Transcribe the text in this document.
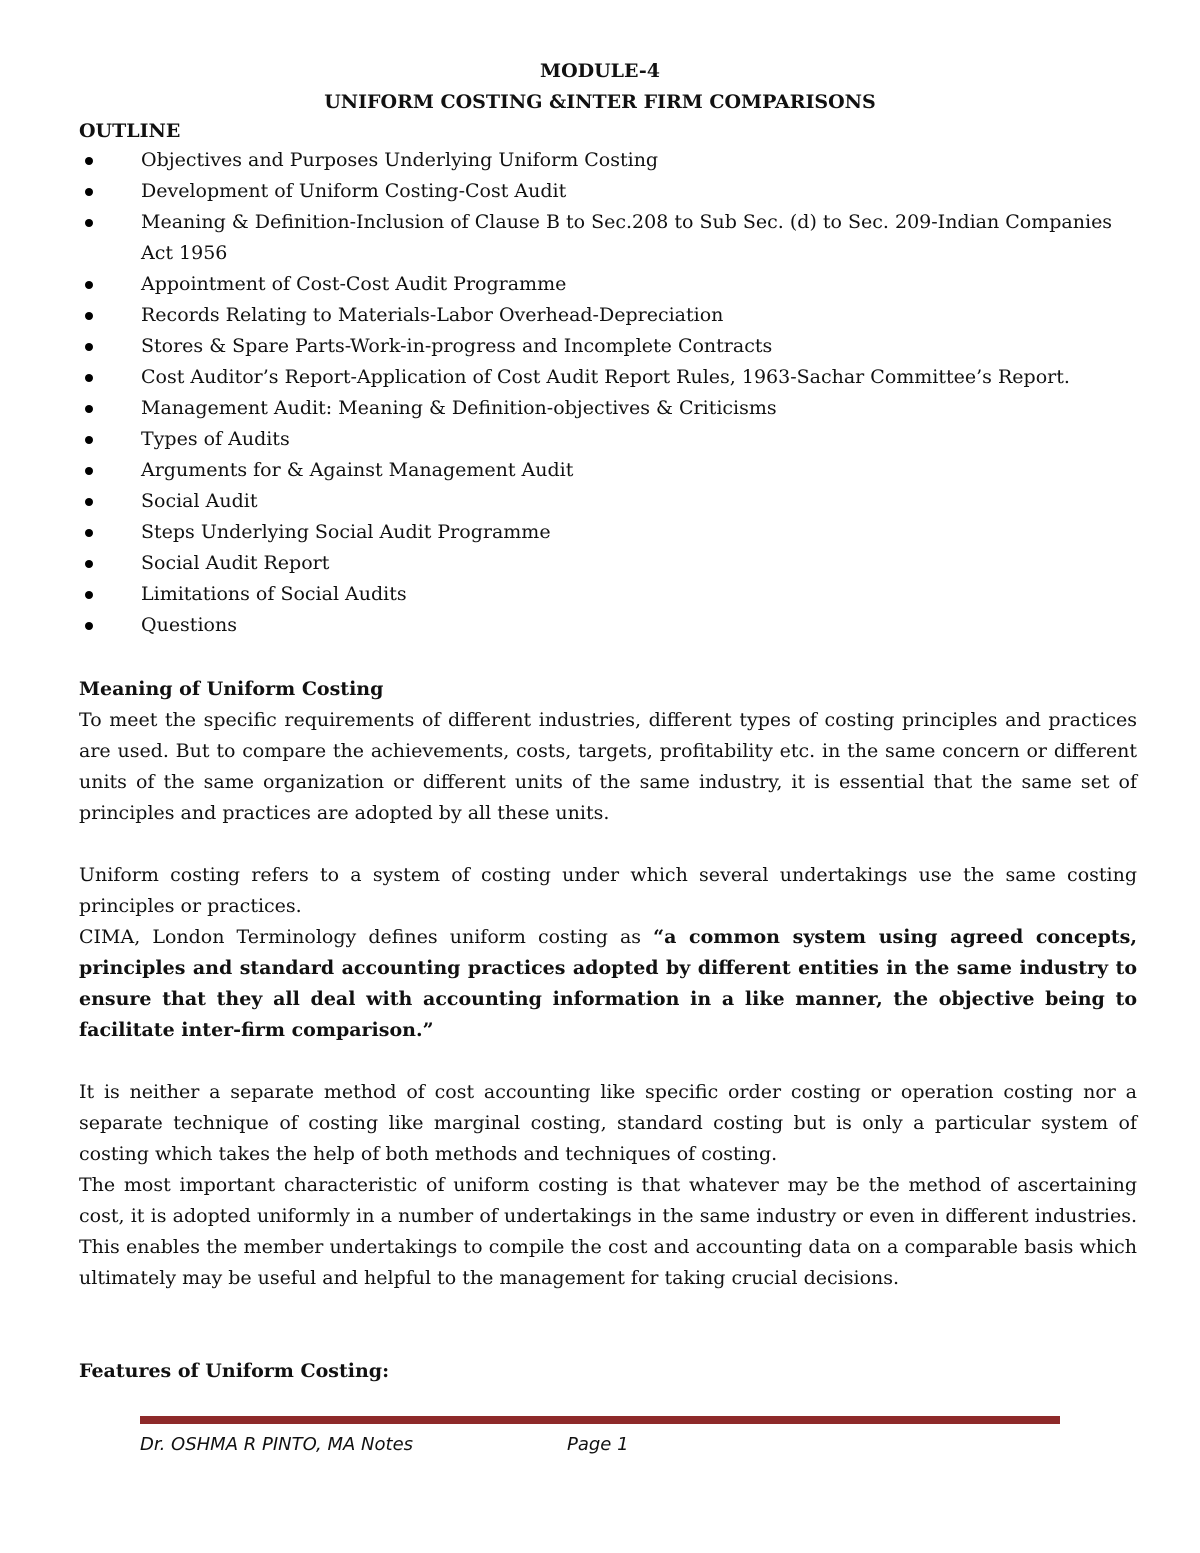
MODULE-4
UNIFORM COSTING &INTER FIRM COMPARISONS
OUTLINE
Objectives and Purposes Underlying Uniform Costing
Development of Uniform Costing-Cost Audit
Meaning & Definition-Inclusion of Clause B to Sec.208 to Sub Sec. (d) to Sec. 209-Indian Companies Act 1956
Appointment of Cost-Cost Audit Programme
Records Relating to Materials-Labor Overhead-Depreciation
Stores & Spare Parts-Work-in-progress and Incomplete Contracts
Cost Auditor’s Report-Application of Cost Audit Report Rules, 1963-Sachar Committee’s Report.
Management Audit: Meaning & Definition-objectives & Criticisms
Types of Audits
Arguments for & Against Management Audit
Social Audit
Steps Underlying Social Audit Programme
Social Audit Report
Limitations of Social Audits
Questions

Meaning of Uniform Costing

To meet the specific requirements of different industries, different types of costing principles and practices are used. But to compare the achievements, costs, targets, profitability etc. in the same concern or different units of the same organization or different units of the same industry, it is essential that the same set of principles and practices are adopted by all these units.

Uniform costing refers to a system of costing under which several undertakings use the same costing principles or practices.

CIMA, London Terminology defines uniform costing as “a common system using agreed concepts, principles and standard accounting practices adopted by different entities in the same industry to ensure that they all deal with accounting information in a like manner, the objective being to facilitate inter-firm comparison.”

It is neither a separate method of cost accounting like specific order costing or operation costing nor a separate technique of costing like marginal costing, standard costing but is only a particular system of costing which takes the help of both methods and techniques of costing.

The most important characteristic of uniform costing is that whatever may be the method of ascertaining cost, it is adopted uniformly in a number of undertakings in the same industry or even in different industries. This enables the member undertakings to compile the cost and accounting data on a comparable basis which ultimately may be useful and helpful to the management for taking crucial decisions.

Features of Uniform Costing:

Dr. OSHMA R PINTO, MA Notes	Page 1
